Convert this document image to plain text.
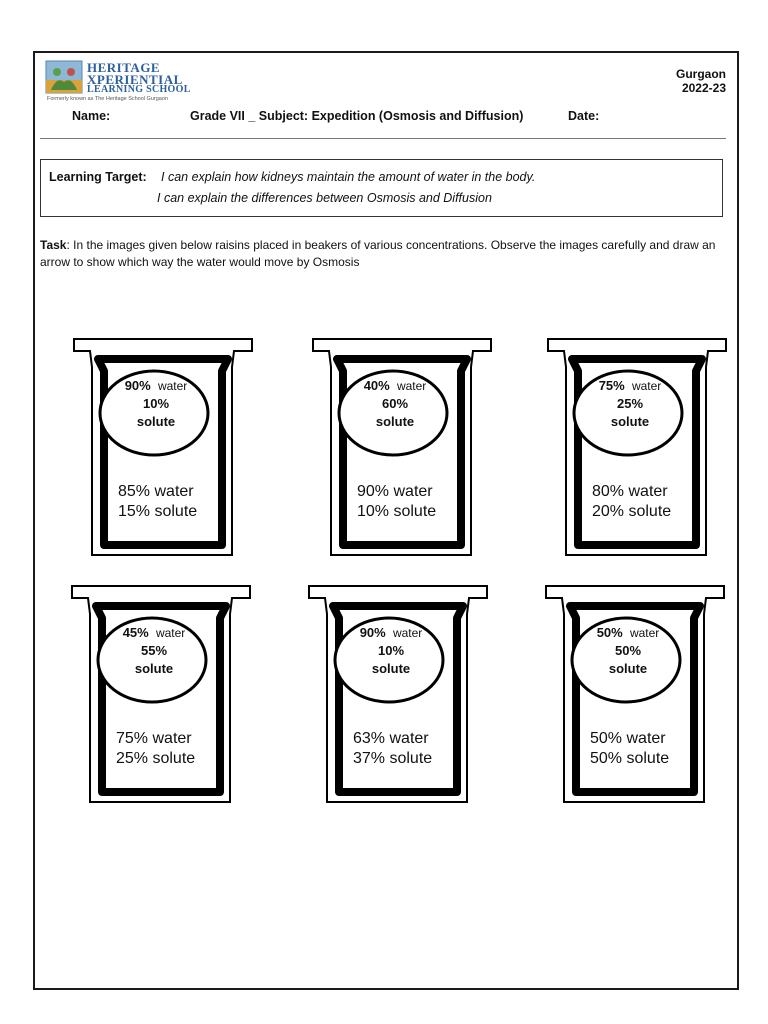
HERITAGE
XPERIENTIAL
LEARNING SCHOOL
Formerly known as The Heritage School Gurgaon
Gurgaon
2022-23
Name:	Grade VII _ Subject: Expedition (Osmosis and Diffusion)	Date:
Learning Target: I can explain how kidneys maintain the amount of water in the body.
I can explain the differences between Osmosis and Diffusion
Task: In the images given below raisins placed in beakers of various concentrations. Observe the images carefully and draw an arrow to show which way the water would move by Osmosis
90% water
10%
solute
85% water
15% solute
40% water
60%
solute
90% water
10% solute
75% water
25%
solute
80% water
20% solute
45% water
55%
solute
75% water
25% solute
90% water
10%
solute
63% water
37% solute
50% water
50%
solute
50% water
50% solute
